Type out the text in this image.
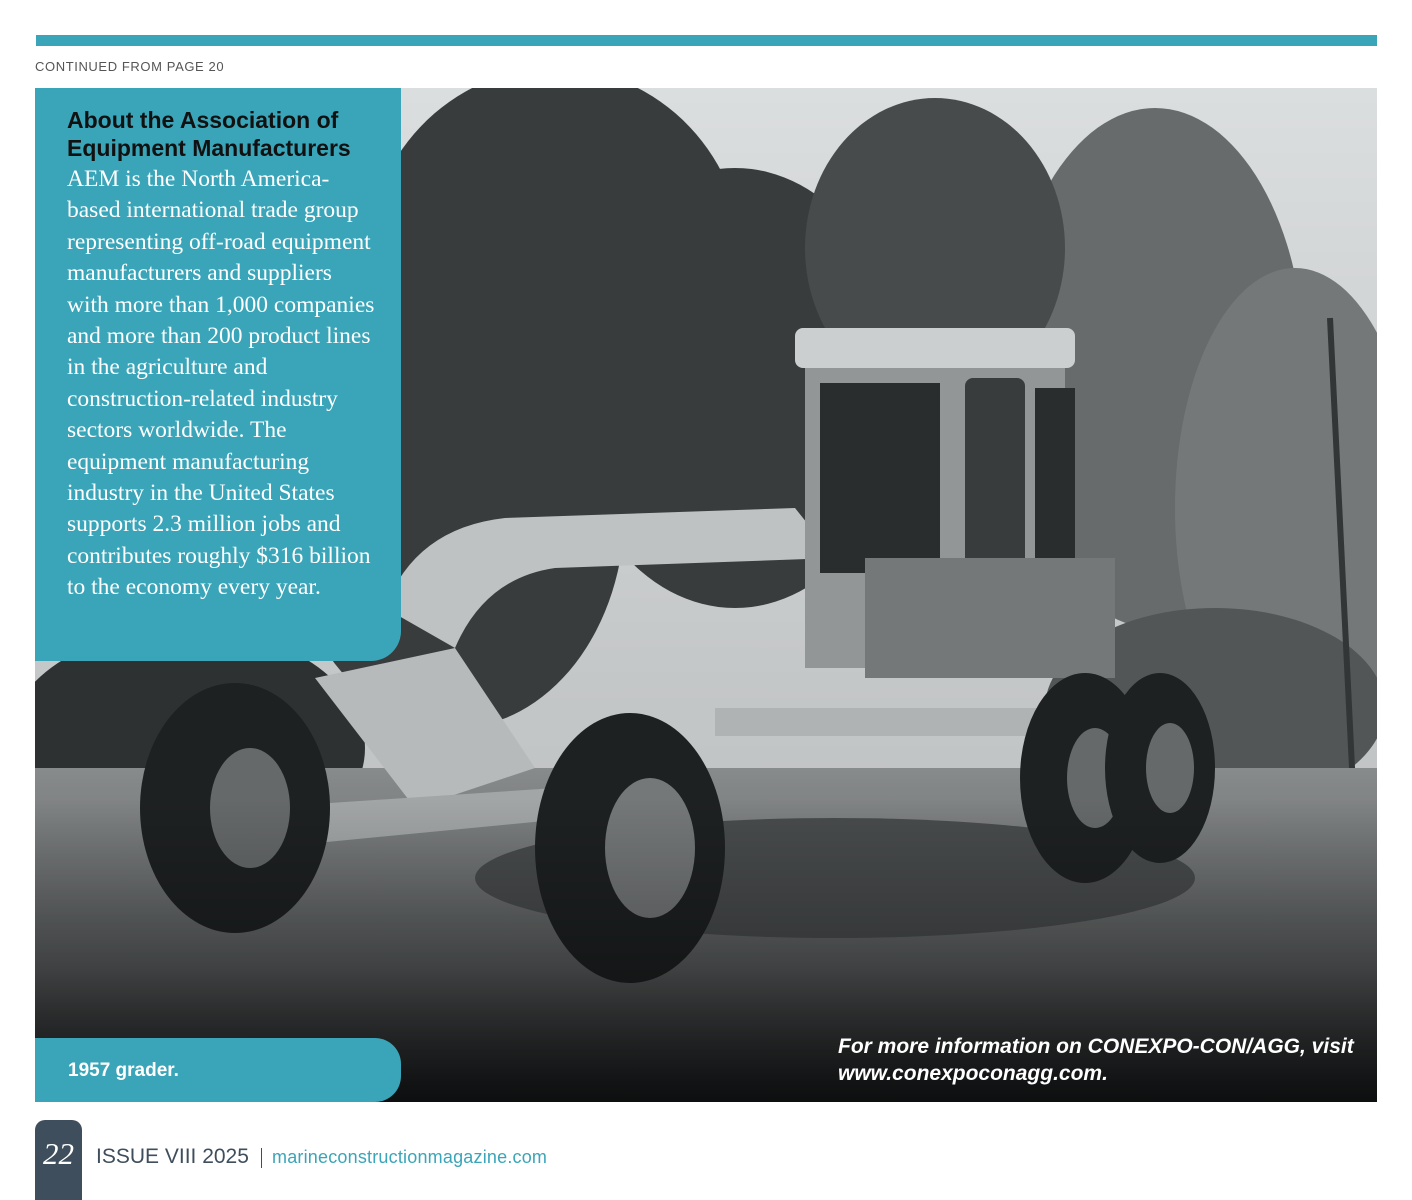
CONTINUED FROM PAGE 20

About the Association of Equipment Manufacturers

AEM is the North America-based international trade group representing off-road equipment manufacturers and suppliers with more than 1,000 companies and more than 200 product lines in the agriculture and construction-related industry sectors worldwide. The equipment manufacturing industry in the United States supports 2.3 million jobs and contributes roughly $316 billion to the economy every year.

1957 grader.
For more information on CONEXPO-CON/AGG, visit www.conexpoconagg.com.
22	ISSUE VIII 2025 marineconstructionmagazine.com
